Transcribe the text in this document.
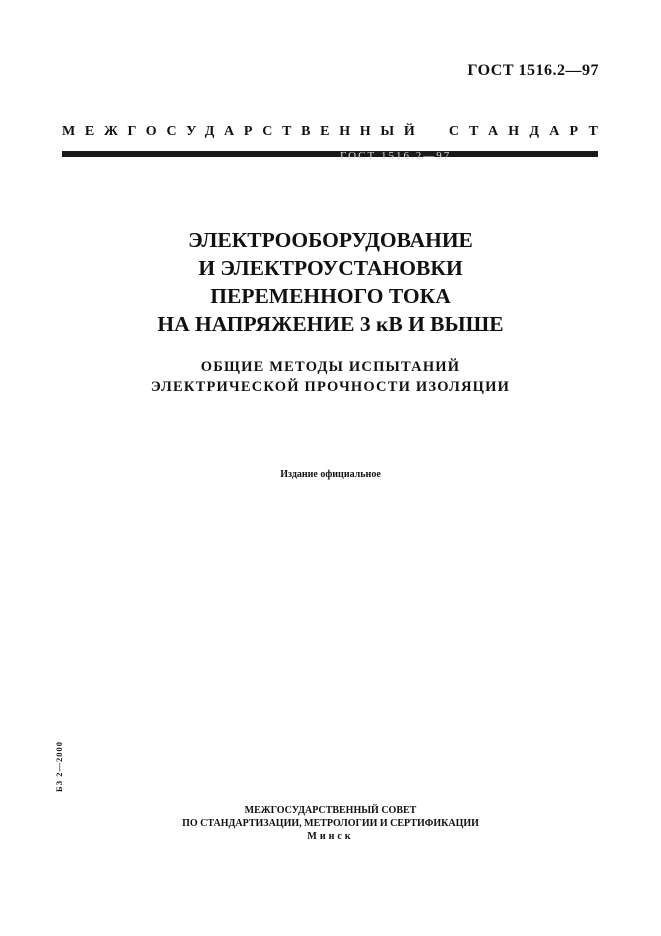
ГОСТ 1516.2—97
МЕЖГОСУДАРСТВЕННЫЙ СТАНДАРТ
ГОСТ 1516.2—97
ЭЛЕКТРООБОРУДОВАНИЕ
И ЭЛЕКТРОУСТАНОВКИ
ПЕРЕМЕННОГО ТОКА
НА НАПРЯЖЕНИЕ 3 кВ И ВЫШЕ
ОБЩИЕ МЕТОДЫ ИСПЫТАНИЙ
ЭЛЕКТРИЧЕСКОЙ ПРОЧНОСТИ ИЗОЛЯЦИИ
Издание официальное
БЗ 2—2000
МЕЖГОСУДАРСТВЕННЫЙ СОВЕТ
ПО СТАНДАРТИЗАЦИИ, МЕТРОЛОГИИ И СЕРТИФИКАЦИИ
Минск
